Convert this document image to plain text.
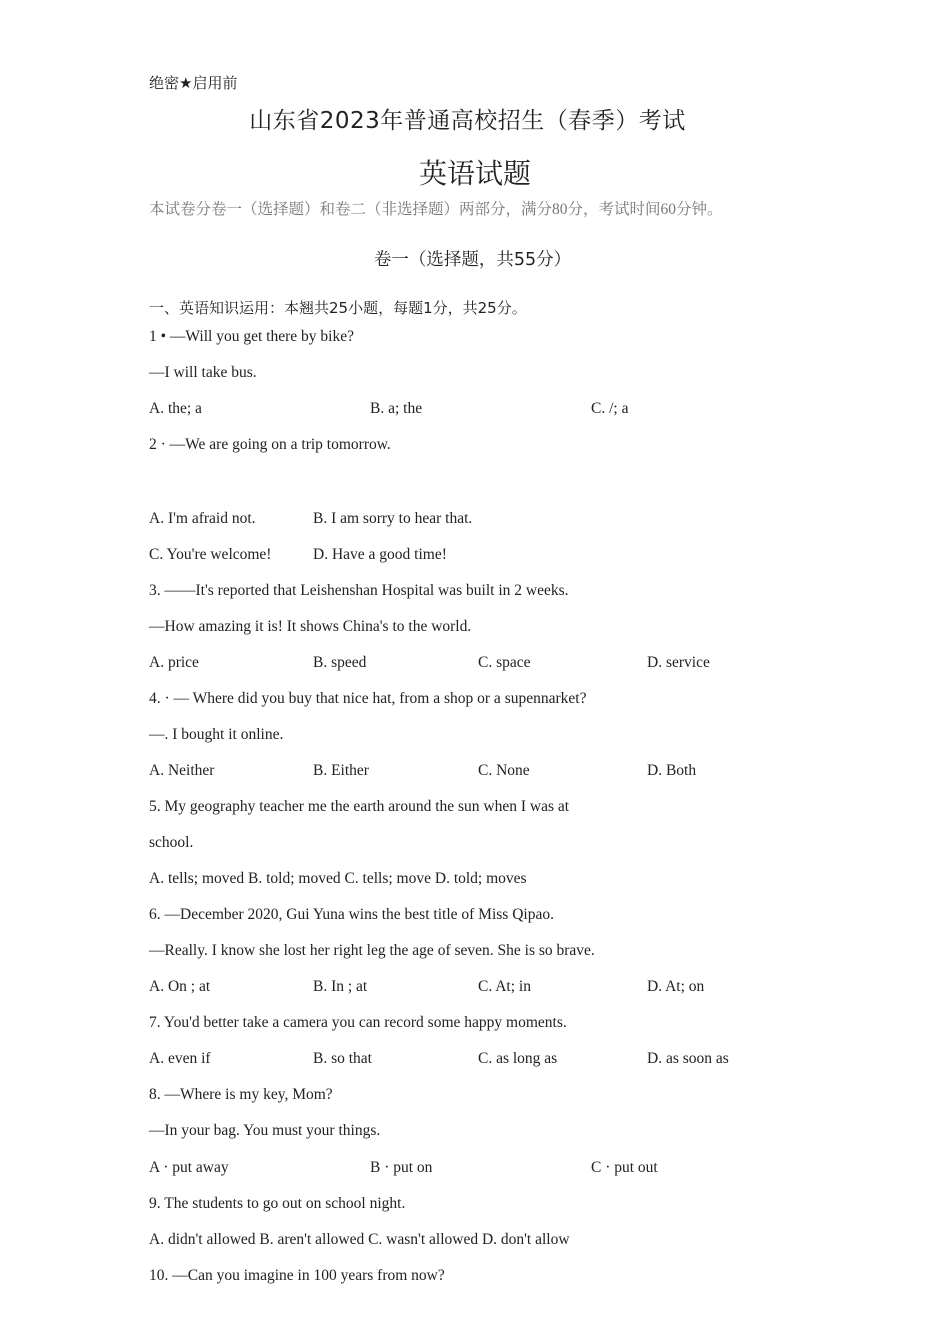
绝密★启用前
山东省2023年普通高校招生（春季）考试
英语试题
本试卷分卷一（选择题）和卷二（非选择题）两部分，满分80分，考试时间60分钟。
卷一（选择题，共55分）
一、英语知识运用：本翘共25小题，每题1分，共25分。
1 • —Will you get there by bike?
—I will take bus.
A. the; a	B. a; the	C. /; a
2 · —We are going on a trip tomorrow.
A. I'm afraid not.	B. I am sorry to hear that.
C. You're welcome!	D. Have a good time!
3. ——It's reported that Leishenshan Hospital was built in 2 weeks.
—How amazing it is! It shows China's to the world.
A. price	B. speed	C. space	D. service
4. · — Where did you buy that nice hat, from a shop or a supennarket?
—. I bought it online.
A. Neither	B. Either	C. None	D. Both
5. My geography teacher me the earth around the sun when I was at
school.
A. tells; moved B. told; moved C. tells; move D. told; moves
6. —December 2020, Gui Yuna wins the best title of Miss Qipao.
—Really. I know she lost her right leg the age of seven. She is so brave.
A. On ; at	B. In ; at	C. At; in	D. At; on
7. You'd better take a camera you can record some happy moments.
A. even if	B. so that	C. as long as	D. as soon as
8. —Where is my key, Mom?
—In your bag. You must your things.
A · put away	B · put on	C · put out
9. The students to go out on school night.
A. didn't allowed B. aren't allowed C. wasn't allowed D. don't allow
10. —Can you imagine in 100 years from now?
